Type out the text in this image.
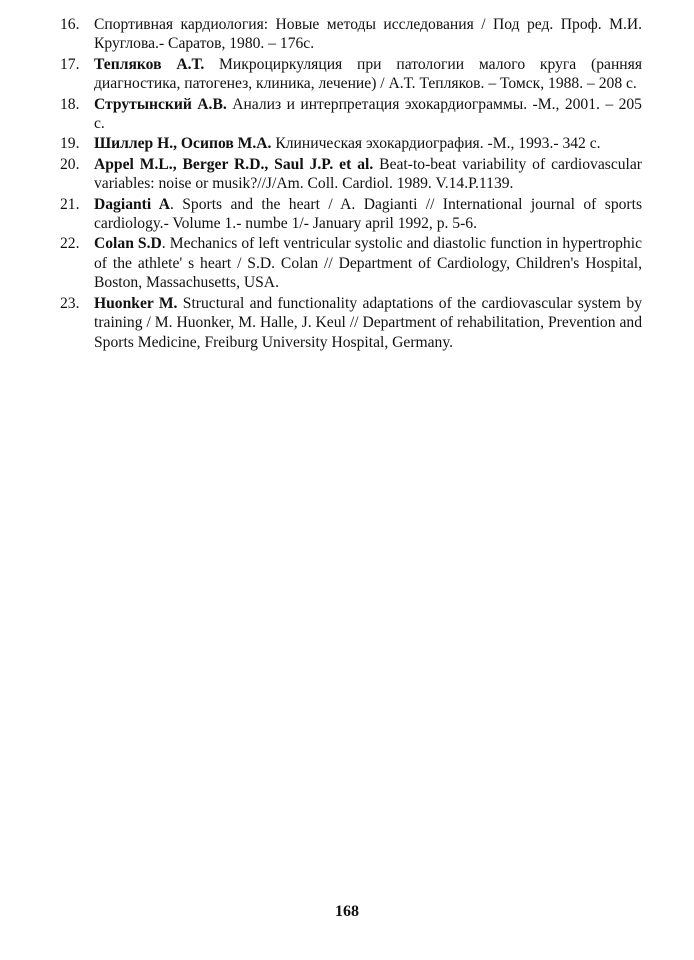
16. Спортивная кардиология: Новые методы исследования / Под ред. Проф. М.И. Круглова.- Саратов, 1980. – 176с.
17. Тепляков А.Т. Микроциркуляция при патологии малого круга (ранняя диагностика, патогенез, клиника, лечение) / А.Т. Тепляков. – Томск, 1988. – 208 с.
18. Струтынский А.В. Анализ и интерпретация эхокардиограммы. -М., 2001. – 205 с.
19. Шиллер Н., Осипов М.А. Клиническая эхокардиография. -М., 1993.- 342 с.
20. Appel M.L., Berger R.D., Saul J.P. et al. Beat-to-beat variability of cardiovascular variables: noise or musik?//J/Am. Coll. Cardiol. 1989. V.14.P.1139.
21. Dagianti A. Sports and the heart / A. Dagianti // International journal of sports cardiology.- Volume 1.- numbe 1/- January april 1992, p. 5-6.
22. Colan S.D. Mechanics of left ventricular systolic and diastolic function in hypertrophic of the athlete' s heart / S.D. Colan // Department of Cardiology, Children's Hospital, Boston, Massachusetts, USA.
23. Huonker M. Structural and functionality adaptations of the cardiovascular system by training / M. Huonker, M. Halle, J. Keul // Department of rehabilitation, Prevention and Sports Medicine, Freiburg University Hospital, Germany.
168
